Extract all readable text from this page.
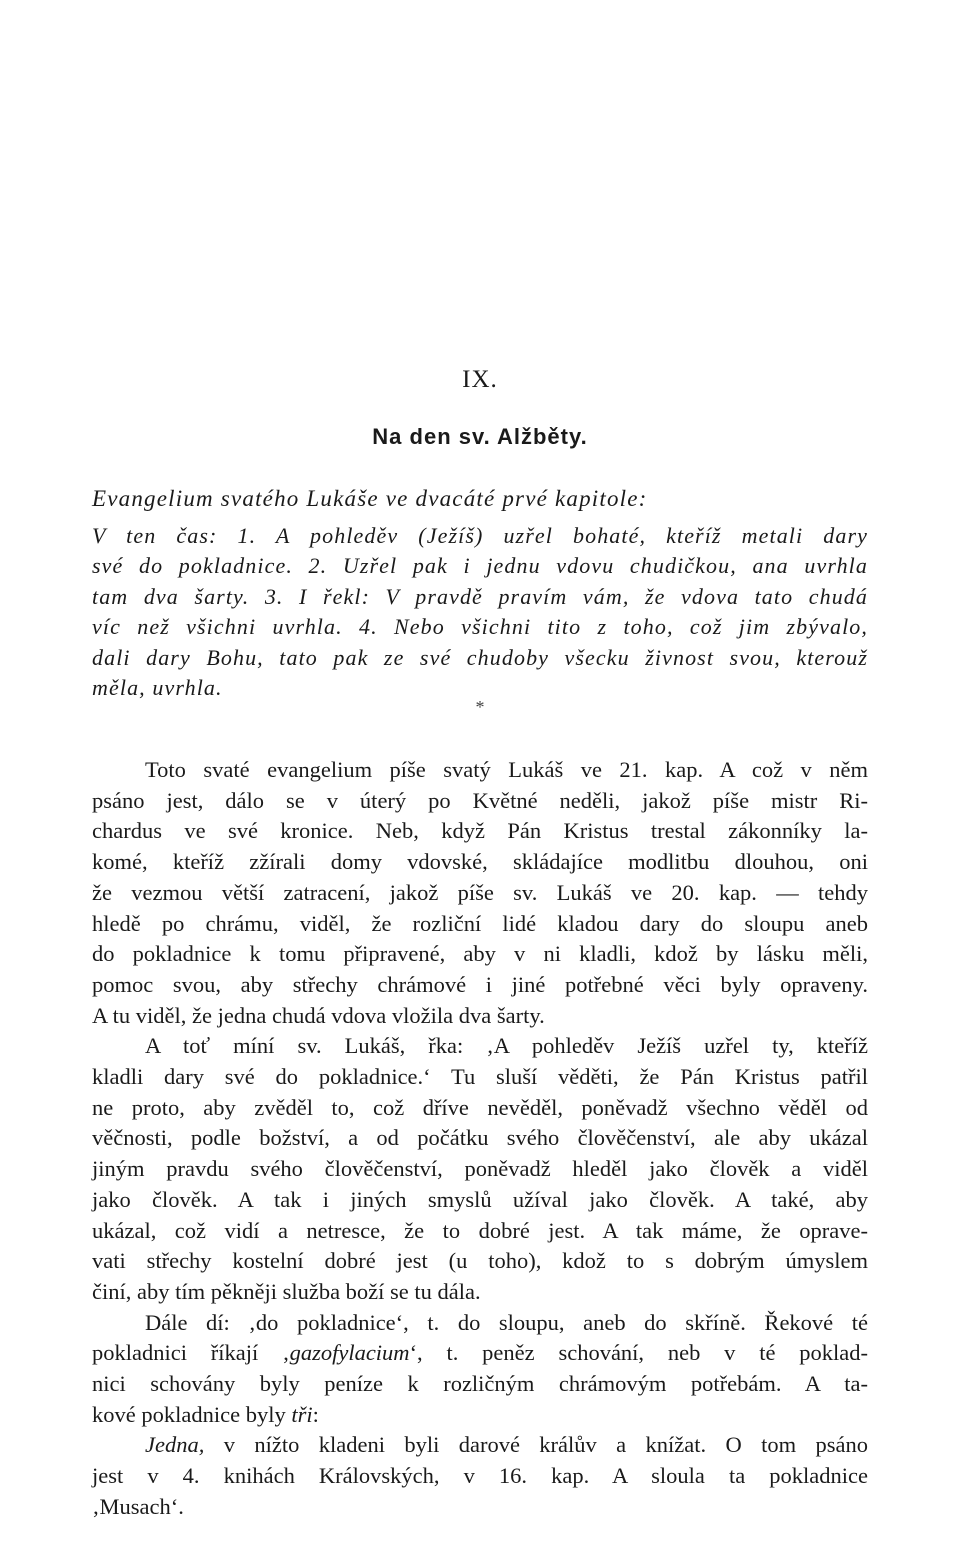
IX.
Na den sv. Alžběty.
Evangelium svatého Lukáše ve dvacáté prvé kapitole:
V ten čas: 1. A pohleděv (Ježíš) uzřel bohaté, kteříž metali dary
své do pokladnice. 2. Uzřel pak i jednu vdovu chudičkou, ana uvrhla
tam dva šarty. 3. I řekl: V pravdě pravím vám, že vdova tato chudá
víc než všichni uvrhla. 4. Nebo všichni tito z toho, což jim zbývalo,
dali dary Bohu, tato pak ze své chudoby všecku živnost svou, kterouž
měla, uvrhla.
*
Toto svaté evangelium píše svatý Lukáš ve 21. kap. A což v něm
psáno jest, dálo se v úterý po Květné neděli, jakož píše mistr Ri-
chardus ve své kronice. Neb, když Pán Kristus trestal zákonníky la-
komé, kteříž zžírali domy vdovské, skládajíce modlitbu dlouhou, oni
že vezmou větší zatracení, jakož píše sv. Lukáš ve 20. kap. — tehdy
hledě po chrámu, viděl, že rozliční lidé kladou dary do sloupu aneb
do pokladnice k tomu připravené, aby v ni kladli, kdož by lásku měli,
pomoc svou, aby střechy chrámové i jiné potřebné věci byly opraveny.
A tu viděl, že jedna chudá vdova vložila dva šarty.
A toť míní sv. Lukáš, řka: ‚A pohleděv Ježíš uzřel ty, kteříž
kladli dary své do pokladnice.‘ Tu sluší věděti, že Pán Kristus patřil
ne proto, aby zvěděl to, což dříve nevěděl, poněvadž všechno věděl od
věčnosti, podle božství, a od počátku svého člověčenství, ale aby ukázal
jiným pravdu svého člověčenství, poněvadž hleděl jako člověk a viděl
jako člověk. A tak i jiných smyslů užíval jako člověk. A také, aby
ukázal, což vidí a netresce, že to dobré jest. A tak máme, že oprave-
vati střechy kostelní dobré jest (u toho), kdož to s dobrým úmyslem
činí, aby tím pěkněji služba boží se tu dála.
Dále dí: ‚do pokladnice‘, t. do sloupu, aneb do skříně. Řekové té
pokladnici říkají ‚gazofylacium‘, t. peněz schování, neb v té poklad-
nici schovány byly peníze k rozličným chrámovým potřebám. A ta-
kové pokladnice byly tři:
Jedna, v nížto kladeni byli darové králův a knížat. O tom psáno
jest v 4. knihách Královských, v 16. kap. A sloula ta pokladnice
‚Musach‘.
